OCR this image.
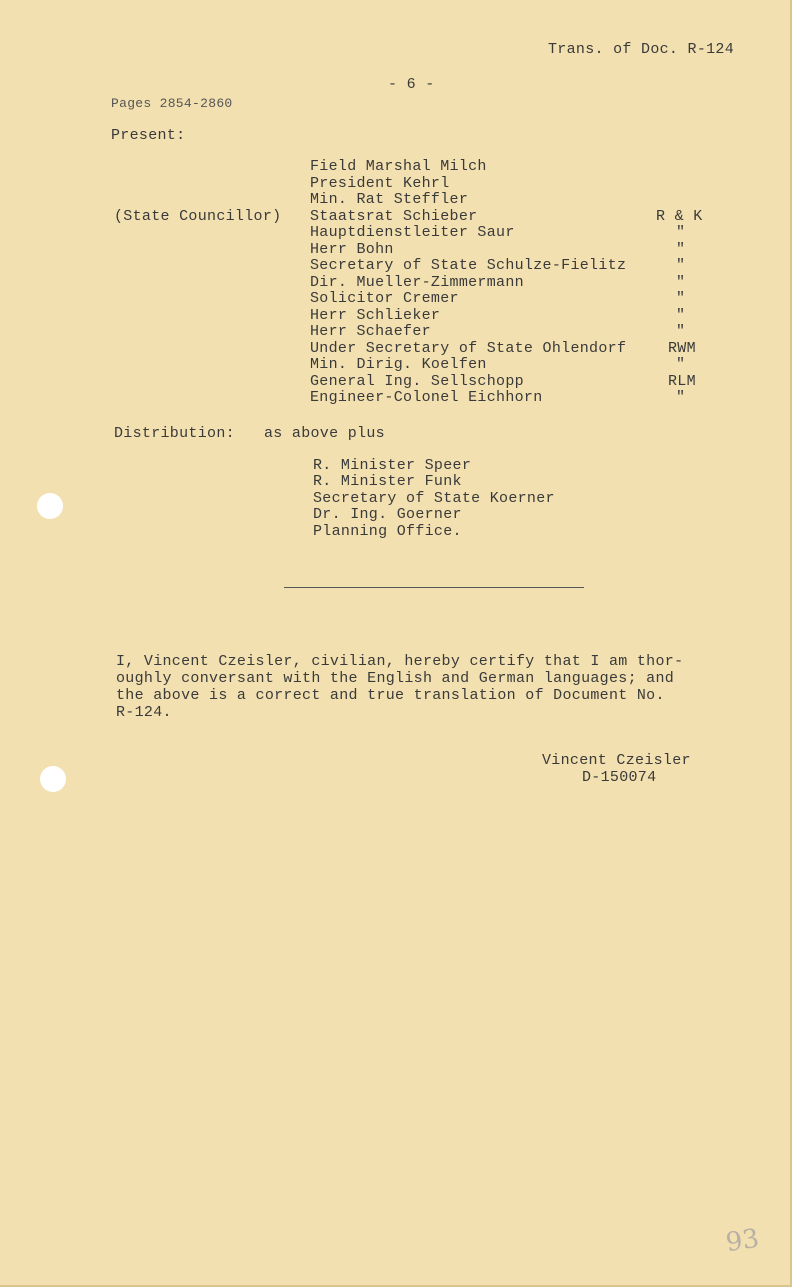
Trans. of Doc. R-124
- 6 -
Pages 2854-2860
Present:
(State Councillor)
Field Marshal Milch
President Kehrl
Min. Rat Steffler
Staatsrat Schieber
Hauptdienstleiter Saur
Herr Bohn
Secretary of State Schulze-Fielitz
Dir. Mueller-Zimmermann
Solicitor Cremer
Herr Schlieker
Herr Schaefer
Under Secretary of State Ohlendorf
Min. Dirig. Koelfen
General Ing. Sellschopp
Engineer-Colonel Eichhorn
R & K
"
"
"
"
"
"
"
RWM
"
RLM
"
Distribution: as above plus
R. Minister Speer
R. Minister Funk
Secretary of State Koerner
Dr. Ing. Goerner
Planning Office.
I, Vincent Czeisler, civilian, hereby certify that I am thor-
oughly conversant with the English and German languages; and
the above is a correct and true translation of Document No.
R-124.
Vincent Czeisler
D-150074
93
